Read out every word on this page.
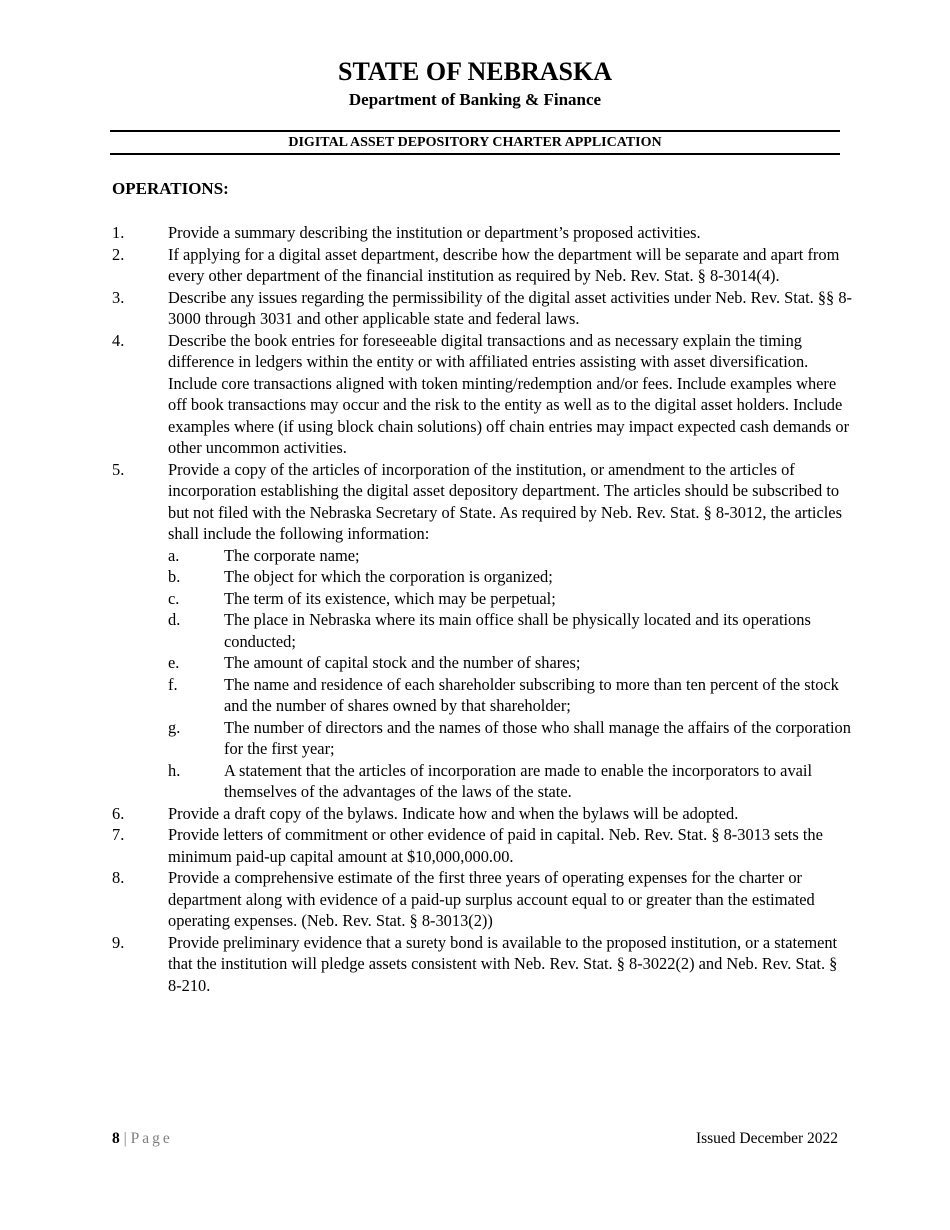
STATE OF NEBRASKA
Department of Banking & Finance
DIGITAL ASSET DEPOSITORY CHARTER APPLICATION
OPERATIONS:
1.	Provide a summary describing the institution or department’s proposed activities.
2.	If applying for a digital asset department, describe how the department will be separate and apart from every other department of the financial institution as required by Neb. Rev. Stat. § 8-3014(4).
3.	Describe any issues regarding the permissibility of the digital asset activities under Neb. Rev. Stat. §§ 8-3000 through 3031 and other applicable state and federal laws.
4.	Describe the book entries for foreseeable digital transactions and as necessary explain the timing difference in ledgers within the entity or with affiliated entries assisting with asset diversification. Include core transactions aligned with token minting/redemption and/or fees. Include examples where off book transactions may occur and the risk to the entity as well as to the digital asset holders. Include examples where (if using block chain solutions) off chain entries may impact expected cash demands or other uncommon activities.
5.	Provide a copy of the articles of incorporation of the institution, or amendment to the articles of incorporation establishing the digital asset depository department. The articles should be subscribed to but not filed with the Nebraska Secretary of State. As required by Neb. Rev. Stat. § 8-3012, the articles shall include the following information:
a.	The corporate name;
b.	The object for which the corporation is organized;
c.	The term of its existence, which may be perpetual;
d.	The place in Nebraska where its main office shall be physically located and its operations conducted;
e.	The amount of capital stock and the number of shares;
f.	The name and residence of each shareholder subscribing to more than ten percent of the stock and the number of shares owned by that shareholder;
g.	The number of directors and the names of those who shall manage the affairs of the corporation for the first year;
h.	A statement that the articles of incorporation are made to enable the incorporators to avail themselves of the advantages of the laws of the state.
6.	Provide a draft copy of the bylaws. Indicate how and when the bylaws will be adopted.
7.	Provide letters of commitment or other evidence of paid in capital. Neb. Rev. Stat. § 8-3013 sets the minimum paid-up capital amount at $10,000,000.00.
8.	Provide a comprehensive estimate of the first three years of operating expenses for the charter or department along with evidence of a paid-up surplus account equal to or greater than the estimated operating expenses. (Neb. Rev. Stat. § 8-3013(2))
9.	Provide preliminary evidence that a surety bond is available to the proposed institution, or a statement that the institution will pledge assets consistent with Neb. Rev. Stat. § 8-3022(2) and Neb. Rev. Stat. § 8-210.
8 | Page	Issued December 2022
